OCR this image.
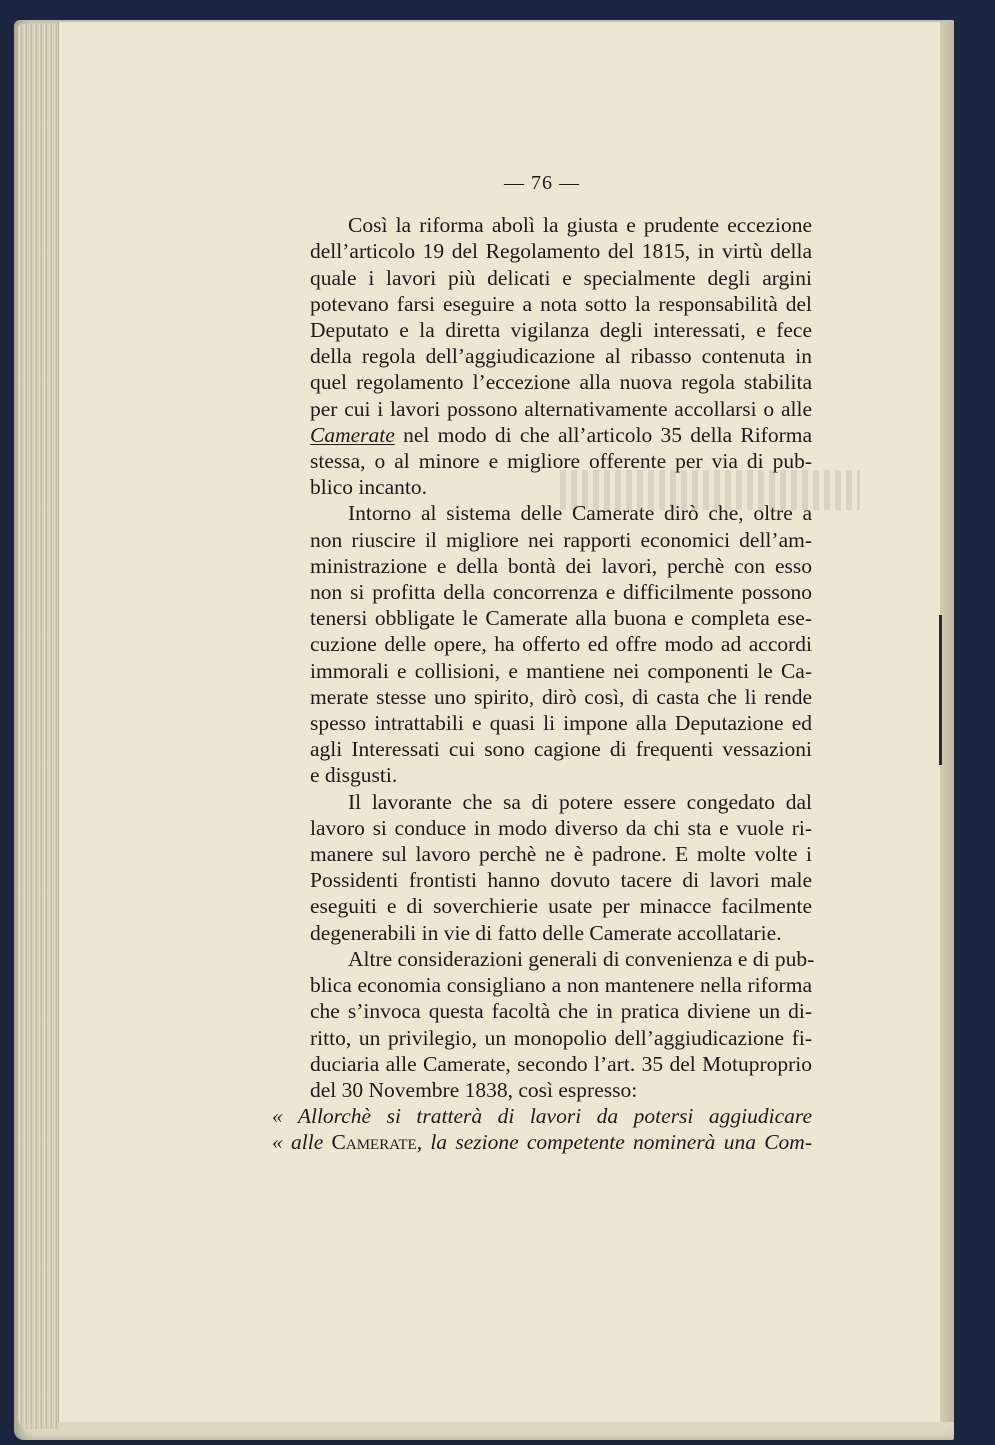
— 76 —

Così la riforma abolì la giusta e prudente eccezione
dell’articolo 19 del Regolamento del 1815, in virtù della
quale i lavori più delicati e specialmente degli argini
potevano farsi eseguire a nota sotto la responsabilità del
Deputato e la diretta vigilanza degli interessati, e fece
della regola dell’aggiudicazione al ribasso contenuta in
quel regolamento l’eccezione alla nuova regola stabilita
per cui i lavori possono alternativamente accollarsi o alle
Camerate nel modo di che all’articolo 35 della Riforma
stessa, o al minore e migliore offerente per via di pub-
blico incanto.

Intorno al sistema delle Camerate dirò che, oltre a
non riuscire il migliore nei rapporti economici dell’am-
ministrazione e della bontà dei lavori, perchè con esso
non si profitta della concorrenza e difficilmente possono
tenersi obbligate le Camerate alla buona e completa ese-
cuzione delle opere, ha offerto ed offre modo ad accordi
immorali e collisioni, e mantiene nei componenti le Ca-
merate stesse uno spirito, dirò così, di casta che li rende
spesso intrattabili e quasi li impone alla Deputazione ed
agli Interessati cui sono cagione di frequenti vessazioni
e disgusti.

Il lavorante che sa di potere essere congedato dal
lavoro si conduce in modo diverso da chi sta e vuole ri-
manere sul lavoro perchè ne è padrone. E molte volte i
Possidenti frontisti hanno dovuto tacere di lavori male
eseguiti e di soverchierie usate per minacce facilmente
degenerabili in vie di fatto delle Camerate accollatarie.

Altre considerazioni generali di convenienza e di pub-
blica economia consigliano a non mantenere nella riforma
che s’invoca questa facoltà che in pratica diviene un di-
ritto, un privilegio, un monopolio dell’aggiudicazione fi-
duciaria alle Camerate, secondo l’art. 35 del Motuproprio
del 30 Novembre 1838, così espresso:

« Allorchè si tratterà di lavori da potersi aggiudicare
« alle Camerate, la sezione competente nominerà una Com-
